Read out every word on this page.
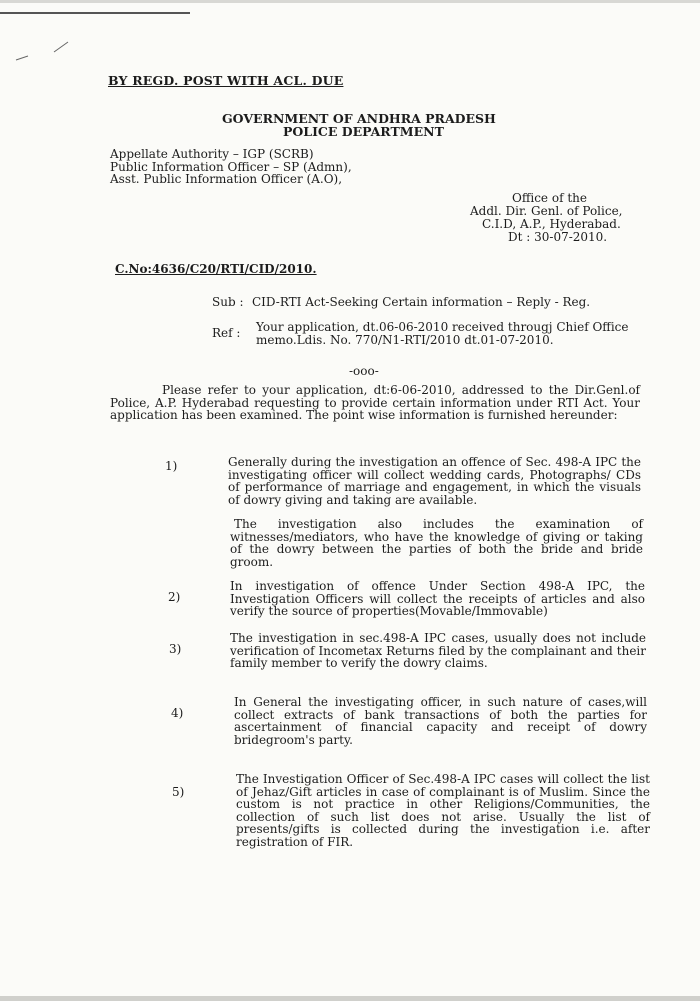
BY REGD. POST WITH ACL. DUE
GOVERNMENT OF ANDHRA PRADESH
POLICE DEPARTMENT
Appellate Authority – IGP (SCRB)
Public Information Officer – SP (Admn),
Asst. Public Information Officer (A.O),
Office of the
Addl. Dir. Genl. of Police,
C.I.D, A.P., Hyderabad.
Dt : 30-07-2010.
C.No:4636/C20/RTI/CID/2010.
Sub : CID-RTI Act-Seeking Certain information – Reply - Reg.
Ref : Your application, dt.06-06-2010 received througj Chief Office memo.Ldis. No. 770/N1-RTI/2010 dt.01-07-2010.
-ooo-
Please refer to your application, dt:6-06-2010, addressed to the Dir.Genl.of Police, A.P. Hyderabad requesting to provide certain information under RTI Act. Your application has been examined. The point wise information is furnished hereunder:
1)	Generally during the investigation an offence of Sec. 498-A IPC the investigating officer will collect wedding cards, Photographs/ CDs of performance of marriage and engagement, in which the visuals of dowry giving and taking are available.
The investigation also includes the examination of witnesses/mediators, who have the knowledge of giving or taking of the dowry between the parties of both the bride and bride groom.
2)
In investigation of offence Under Section 498-A IPC, the Investigation Officers will collect the receipts of articles and also verify the source of properties(Movable/Immovable)
3)
The investigation in sec.498-A IPC cases, usually does not include verification of Incometax Returns filed by the complainant and their family member to verify the dowry claims.
4)
In General the investigating officer, in such nature of cases,will collect extracts of bank transactions of both the parties for ascertainment of financial capacity and receipt of dowry bridegroom's party.
5)
The Investigation Officer of Sec.498-A IPC cases will collect the list of Jehaz/Gift articles in case of complainant is of Muslim. Since the custom is not practice in other Religions/Communities, the collection of such list does not arise. Usually the list of presents/gifts is collected during the investigation i.e. after registration of FIR.
